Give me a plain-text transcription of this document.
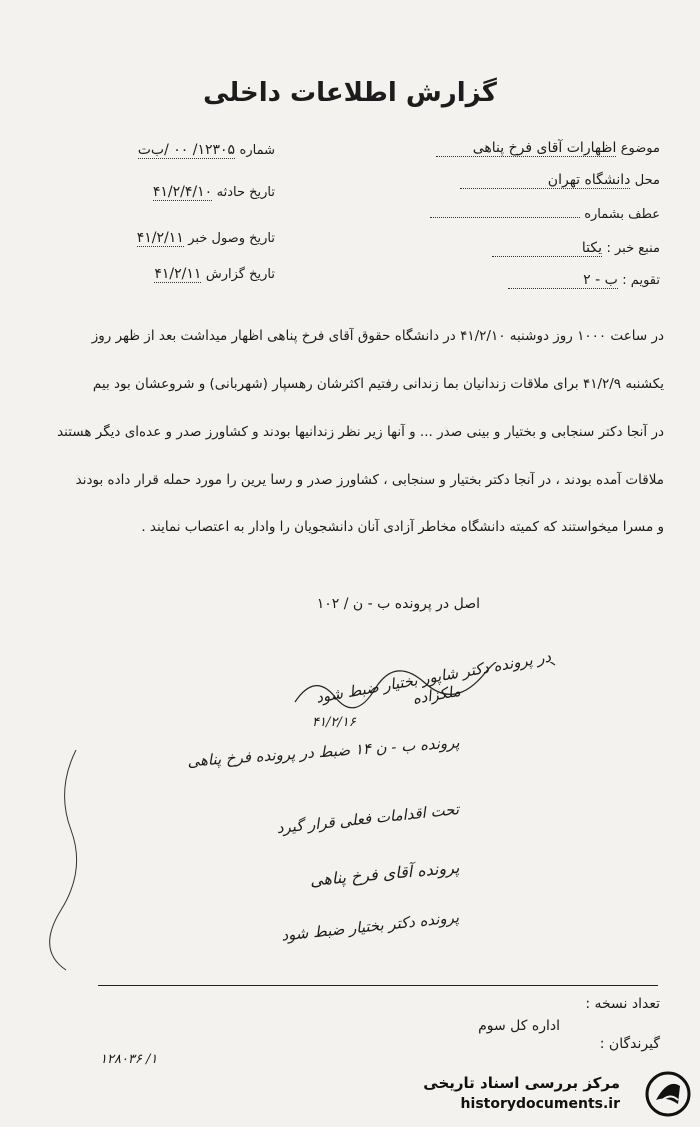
گزارش اطلاعات داخلی
موضوع اظهارات آقای فرخ پناهی
محل دانشگاه تهران
عطف بشماره
منبع خبر : یکتا
تقویم : ب - ۲
شماره ۱۲۳۰۵/ ۰۰ /ب‌ت
تاریخ حادثه ۴۱/۲/۴/۱۰
تاریخ وصول خبر ۴۱/۲/۱۱
تاریخ گزارش ۴۱/۲/۱۱
در ساعت ۱۰۰۰ روز دوشنبه ۴۱/۲/۱۰ در دانشگاه حقوق آقای فرخ پناهی اظهار میداشت بعد از ظهر روز
یکشنبه ۴۱/۲/۹ برای ملاقات زندانیان بما زندانی رفتیم اکثرشان رهسپار (شهربانی) و شروعشان بود بیم
در آنجا دکتر سنجابی و بختیار و بینی صدر ... و آنها زیر نظر زندانیها بودند و کشاورز صدر و عده‌ای دیگر هستند
ملاقات آمده بودند ، در آنجا دکتر بختیار و سنجابی ، کشاورز صدر و رسا یرین را مورد حمله قرار داده بودند
و مسرا میخواستند که کمیته دانشگاه مخاطر آزادی آنان دانشجویان را وادار به اعتصاب نمایند .
اصل در پرونده ب - ن / ۱۰۲
در پرونده دکتر شاپور بختیار ضبط شود ملکزاده
۴۱/۲/۱۶
پرونده ب - ن ۱۴ ضبط در پرونده فرخ پناهی
تحت اقدامات فعلی قرار گیرد
پرونده آقای فرخ پناهی
پرونده دکتر بختیار ضبط شود
تعداد نسخه :
اداره کل سوم
گیرندگان :
۱۲۸۰۳۶ /۱
مرکز بررسی اسناد تاریخی
historydocuments.ir
